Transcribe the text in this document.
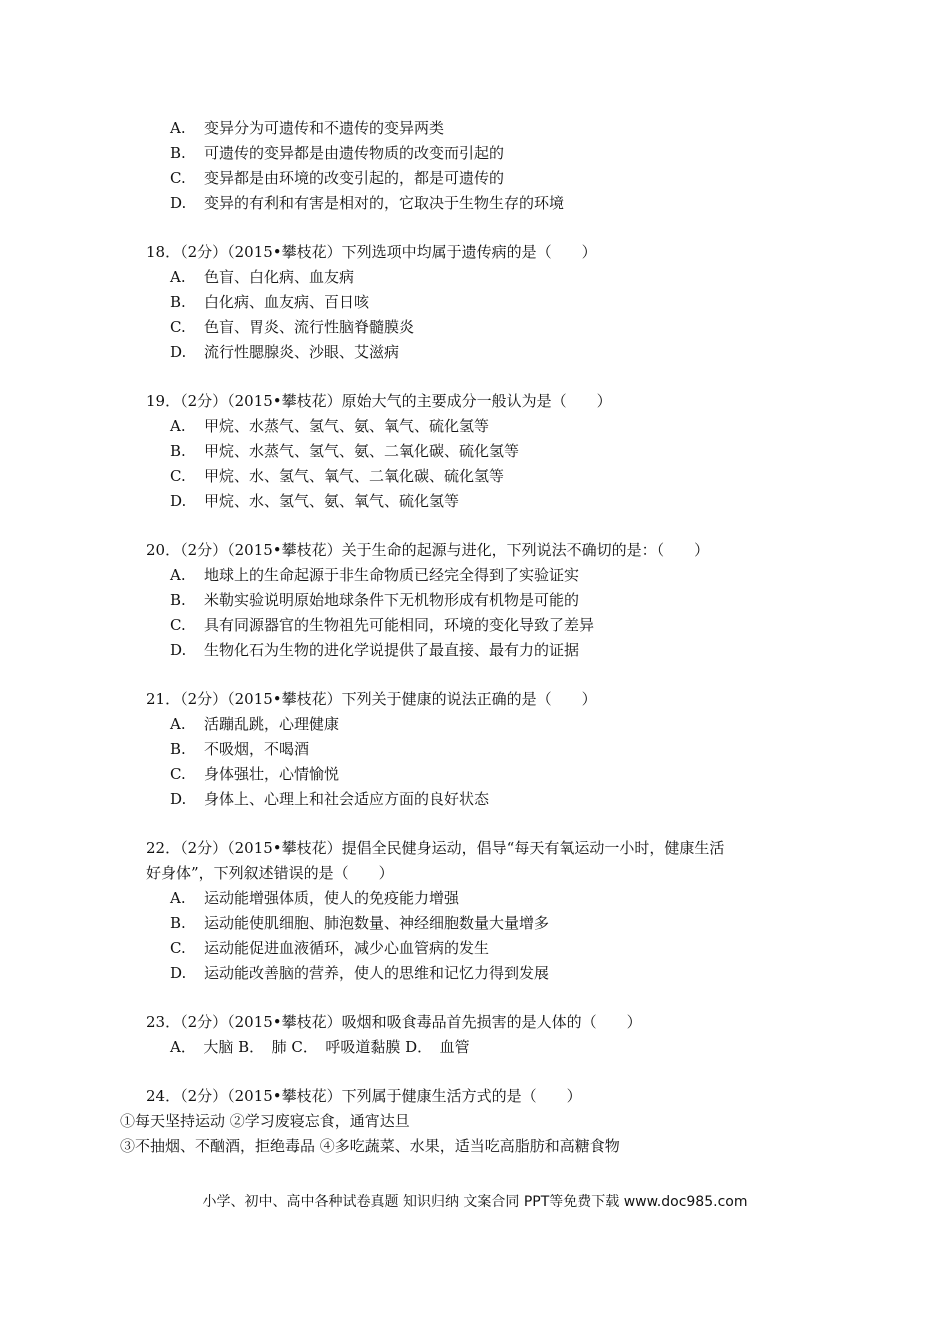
A. 变异分为可遗传和不遗传的变异两类
B. 可遗传的变异都是由遗传物质的改变而引起的
C. 变异都是由环境的改变引起的，都是可遗传的
D. 变异的有利和有害是相对的，它取决于生物生存的环境
18．（2分）（2015•攀枝花）下列选项中均属于遗传病的是（　　）
A. 色盲、白化病、血友病
B. 白化病、血友病、百日咳
C. 色盲、胃炎、流行性脑脊髓膜炎
D. 流行性腮腺炎、沙眼、艾滋病
19．（2分）（2015•攀枝花）原始大气的主要成分一般认为是（　　）
A. 甲烷、水蒸气、氢气、氨、氧气、硫化氢等
B. 甲烷、水蒸气、氢气、氨、二氧化碳、硫化氢等
C. 甲烷、水、氢气、氧气、二氧化碳、硫化氢等
D. 甲烷、水、氢气、氨、氧气、硫化氢等
20．（2分）（2015•攀枝花）关于生命的起源与进化，下列说法不确切的是：（　　）
A. 地球上的生命起源于非生命物质已经完全得到了实验证实
B. 米勒实验说明原始地球条件下无机物形成有机物是可能的
C. 具有同源器官的生物祖先可能相同，环境的变化导致了差异
D. 生物化石为生物的进化学说提供了最直接、最有力的证据
21．（2分）（2015•攀枝花）下列关于健康的说法正确的是（　　）
A. 活蹦乱跳，心理健康
B. 不吸烟，不喝酒
C. 身体强壮，心情愉悦
D. 身体上、心理上和社会适应方面的良好状态
22．（2分）（2015•攀枝花）提倡全民健身运动，倡导“每天有氧运动一小时，健康生活
好身体”，下列叙述错误的是（　　）
A. 运动能增强体质，使人的免疫能力增强
B. 运动能使肌细胞、肺泡数量、神经细胞数量大量增多
C. 运动能促进血液循环，减少心血管病的发生
D. 运动能改善脑的营养，使人的思维和记忆力得到发展
23．（2分）（2015•攀枝花）吸烟和吸食毒品首先损害的是人体的（　　）
A．　大脑 B．　肺 C．　呼吸道黏膜 D．　血管
24．（2分）（2015•攀枝花）下列属于健康生活方式的是（　　）
①每天坚持运动 ②学习废寝忘食，通宵达旦
③不抽烟、不酗酒，拒绝毒品 ④多吃蔬菜、水果，适当吃高脂肪和高糖食物
小学、初中、高中各种试卷真题 知识归纳 文案合同 PPT等免费下载 www.doc985.com
